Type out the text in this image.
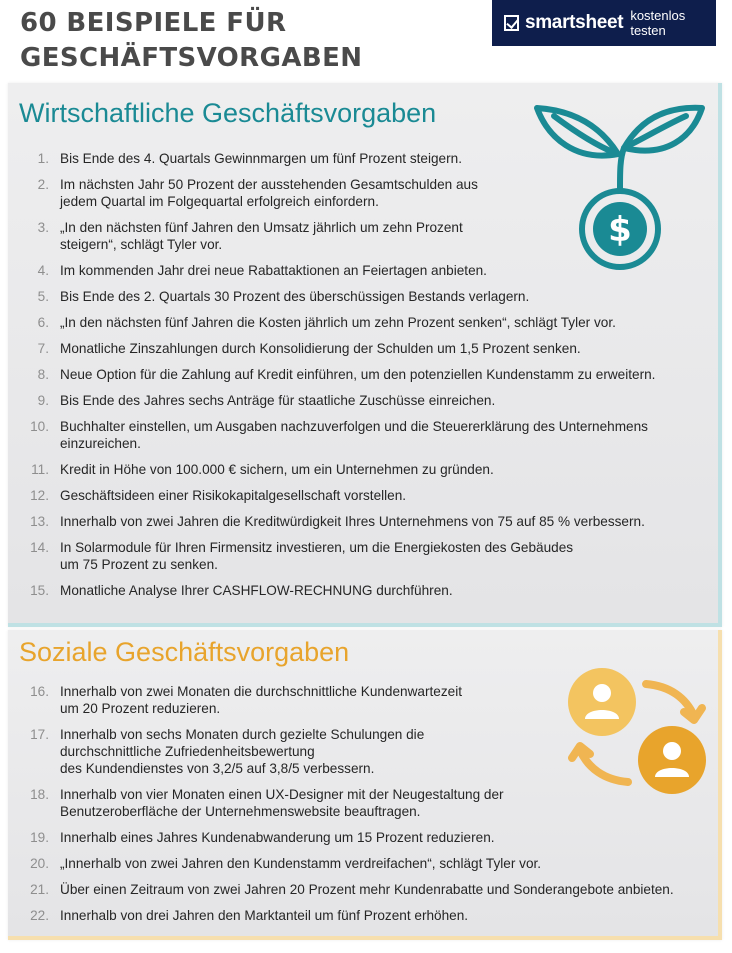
60 BEISPIELE FÜR
GESCHÄFTSVORGABEN
smartsheet kostenlos testen
Wirtschaftliche Geschäftsvorgaben
1. Bis Ende des 4. Quartals Gewinnmargen um fünf Prozent steigern.
2. Im nächsten Jahr 50 Prozent der ausstehenden Gesamtschulden aus
jedem Quartal im Folgequartal erfolgreich einfordern.
3. „In den nächsten fünf Jahren den Umsatz jährlich um zehn Prozent
steigern“, schlägt Tyler vor.
4. Im kommenden Jahr drei neue Rabattaktionen an Feiertagen anbieten.
5. Bis Ende des 2. Quartals 30 Prozent des überschüssigen Bestands verlagern.
6. „In den nächsten fünf Jahren die Kosten jährlich um zehn Prozent senken“, schlägt Tyler vor.
7. Monatliche Zinszahlungen durch Konsolidierung der Schulden um 1,5 Prozent senken.
8. Neue Option für die Zahlung auf Kredit einführen, um den potenziellen Kundenstamm zu erweitern.
9. Bis Ende des Jahres sechs Anträge für staatliche Zuschüsse einreichen.
10. Buchhalter einstellen, um Ausgaben nachzuverfolgen und die Steuererklärung des Unternehmens
einzureichen.
11. Kredit in Höhe von 100.000 € sichern, um ein Unternehmen zu gründen.
12. Geschäftsideen einer Risikokapitalgesellschaft vorstellen.
13. Innerhalb von zwei Jahren die Kreditwürdigkeit Ihres Unternehmens von 75 auf 85 % verbessern.
14. In Solarmodule für Ihren Firmensitz investieren, um die Energiekosten des Gebäudes
um 75 Prozent zu senken.
15. Monatliche Analyse Ihrer CASHFLOW-RECHNUNG durchführen.
Soziale Geschäftsvorgaben
16. Innerhalb von zwei Monaten die durchschnittliche Kundenwartezeit
um 20 Prozent reduzieren.
17. Innerhalb von sechs Monaten durch gezielte Schulungen die
durchschnittliche Zufriedenheitsbewertung
des Kundendienstes von 3,2/5 auf 3,8/5 verbessern.
18. Innerhalb von vier Monaten einen UX-Designer mit der Neugestaltung der
Benutzeroberfläche der Unternehmenswebsite beauftragen.
19. Innerhalb eines Jahres Kundenabwanderung um 15 Prozent reduzieren.
20. „Innerhalb von zwei Jahren den Kundenstamm verdreifachen“, schlägt Tyler vor.
21. Über einen Zeitraum von zwei Jahren 20 Prozent mehr Kundenrabatte und Sonderangebote anbieten.
22. Innerhalb von drei Jahren den Marktanteil um fünf Prozent erhöhen.
$
